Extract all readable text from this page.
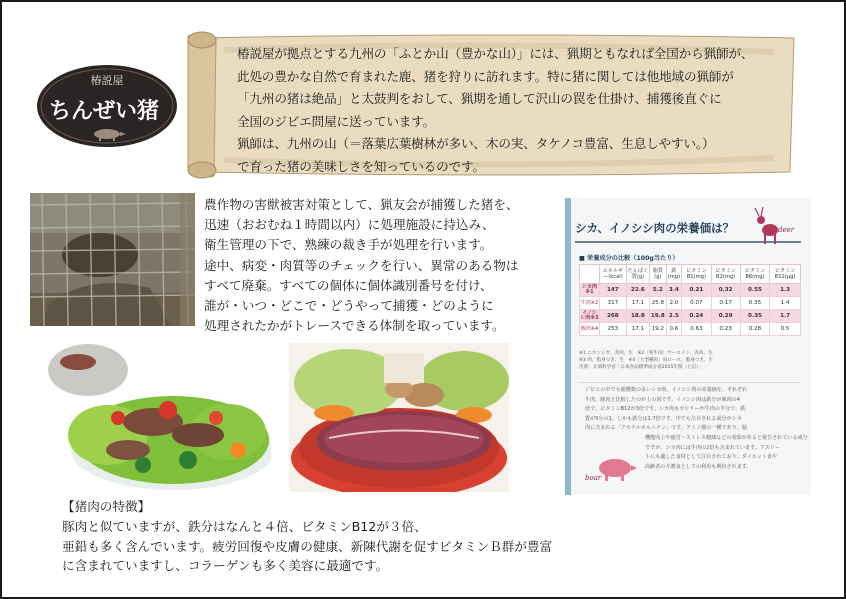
椿説屋
ちんぜい猪
椿説屋が拠点とする九州の「ふとか山（豊かな山）」には、猟期ともなれば全国から猟師が、
此処の豊かな自然で育まれた鹿、猪を狩りに訪れます。特に猪に関しては他地域の猟師が
「九州の猪は絶品」と太鼓判をおして、猟期を通して沢山の罠を仕掛け、捕獲後直ぐに
全国のジビエ問屋に送っています。
猟師は、九州の山（＝落葉広葉樹林が多い、木の実、タケノコ豊富、生息しやすい。）
で育った猪の美味しさを知っているのです。
農作物の害獣被害対策として、猟友会が捕獲した猪を、
迅速（おおむね１時間以内）に処理施設に持込み、
衛生管理の下で、熟練の裁き手が処理を行います。
途中、病変・肉質等のチェックを行い、異常のある物は
すべて廃棄。すべての個体に個体識別番号を付け、
誰が・いつ・どこで・どうやって捕獲・どのように
処理されたかがトレースできる体制を取っています。
シカ、イノシシ肉の栄養価は？	deer
■ 栄養成分の比較（100g当たり）
	エネルギー(kcal)	たんぱく質(g)	脂質(g)	鉄(mg)	ビタミンB1(mg)	ビタミンB2(mg)	ビタミンB6(mg)	ビタミンB12(μg)
シカ肉※1	147	22.6	5.2	3.4	0.21	0.32	0.55	1.3
牛肉※2	317	17.1	25.8	2.0	0.07	0.17	0.35	1.4
イノシシ肉※3	268	18.8	19.8	2.5	0.24	0.29	0.35	1.7
豚肉※4	253	17.1	19.2	0.6	0.63	0.23	0.28	0.5
※1 ニホンジカ、赤肉、生　※2［和牛肉］サーロイン、赤肉、生
※3 肉、脂身つき、生　※4［大型種肉］肩ロース、脂身つき、生
出典：文部科学省「日本食品標準成分表2015年版（七訂）」
ジビエの中でも捕獲数の多いシカ肉、イノシシ肉の栄養価を、それぞれ
牛肉、豚肉と比較したのが上の図です。イノシシ肉は鉄分が豚肉の4
倍で、ビタミンB12が3倍です。シカ肉もカロリーが牛肉の半分で、鉄
質が5分の1。しかも鉄分は1.7倍です。中でも注目される成分がシカ
肉に含まれる「アセチルカルニチン」です。アミノ酸の一種であり、脳
機能向上や疲労・ストレス軽減などの効果があると報告されている成分
ですが、シカ肉には牛肉の2倍も含まれています。アスリー
トにも適した食材として注目されており、ダイエット食や
高齢者の介護食としての利用も期待されます。
boar
【猪肉の特徴】
豚肉と似ていますが、鉄分はなんと４倍、ビタミンB12が３倍、
亜鉛も多く含んでいます。疲労回復や皮膚の健康、新陳代謝を促すビタミンＢ群が豊富
に含まれていますし、コラーゲンも多く美容に最適です。
